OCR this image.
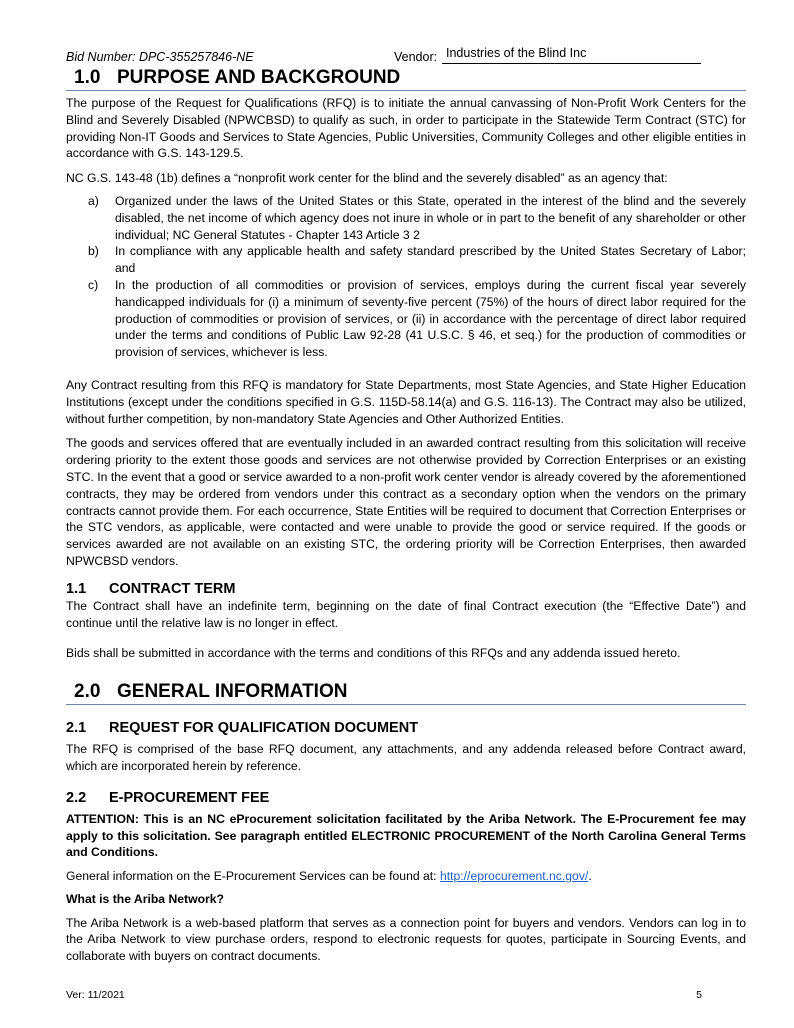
Bid Number: DPC-355257846-NE	Vendor: Industries of the Blind Inc
1.0 PURPOSE AND BACKGROUND

The purpose of the Request for Qualifications (RFQ) is to initiate the annual canvassing of Non-Profit Work Centers for the Blind and Severely Disabled (NPWCBSD) to qualify as such, in order to participate in the Statewide Term Contract (STC) for providing Non-IT Goods and Services to State Agencies, Public Universities, Community Colleges and other eligible entities in accordance with G.S. 143-129.5.

NC G.S. 143-48 (1b) defines a “nonprofit work center for the blind and the severely disabled” as an agency that:

a) Organized under the laws of the United States or this State, operated in the interest of the blind and the severely disabled, the net income of which agency does not inure in whole or in part to the benefit of any shareholder or other individual; NC General Statutes - Chapter 143 Article 3 2
b) In compliance with any applicable health and safety standard prescribed by the United States Secretary of Labor; and
c) In the production of all commodities or provision of services, employs during the current fiscal year severely handicapped individuals for (i) a minimum of seventy-five percent (75%) of the hours of direct labor required for the production of commodities or provision of services, or (ii) in accordance with the percentage of direct labor required under the terms and conditions of Public Law 92-28 (41 U.S.C. § 46, et seq.) for the production of commodities or provision of services, whichever is less.

Any Contract resulting from this RFQ is mandatory for State Departments, most State Agencies, and State Higher Education Institutions (except under the conditions specified in G.S. 115D-58.14(a) and G.S. 116-13). The Contract may also be utilized, without further competition, by non-mandatory State Agencies and Other Authorized Entities.

The goods and services offered that are eventually included in an awarded contract resulting from this solicitation will receive ordering priority to the extent those goods and services are not otherwise provided by Correction Enterprises or an existing STC. In the event that a good or service awarded to a non-profit work center vendor is already covered by the aforementioned contracts, they may be ordered from vendors under this contract as a secondary option when the vendors on the primary contracts cannot provide them. For each occurrence, State Entities will be required to document that Correction Enterprises or the STC vendors, as applicable, were contacted and were unable to provide the good or service required. If the goods or services awarded are not available on an existing STC, the ordering priority will be Correction Enterprises, then awarded NPWCBSD vendors.

1.1 CONTRACT TERM

The Contract shall have an indefinite term, beginning on the date of final Contract execution (the “Effective Date”) and continue until the relative law is no longer in effect.

Bids shall be submitted in accordance with the terms and conditions of this RFQs and any addenda issued hereto.

2.0 GENERAL INFORMATION
2.1 REQUEST FOR QUALIFICATION DOCUMENT

The RFQ is comprised of the base RFQ document, any attachments, and any addenda released before Contract award, which are incorporated herein by reference.

2.2 E-PROCUREMENT FEE

ATTENTION: This is an NC eProcurement solicitation facilitated by the Ariba Network. The E-Procurement fee may apply to this solicitation. See paragraph entitled ELECTRONIC PROCUREMENT of the North Carolina General Terms and Conditions.

General information on the E-Procurement Services can be found at: http://eprocurement.nc.gov/.

What is the Ariba Network?

The Ariba Network is a web-based platform that serves as a connection point for buyers and vendors. Vendors can log in to the Ariba Network to view purchase orders, respond to electronic requests for quotes, participate in Sourcing Events, and collaborate with buyers on contract documents.

Ver: 11/2021	5
